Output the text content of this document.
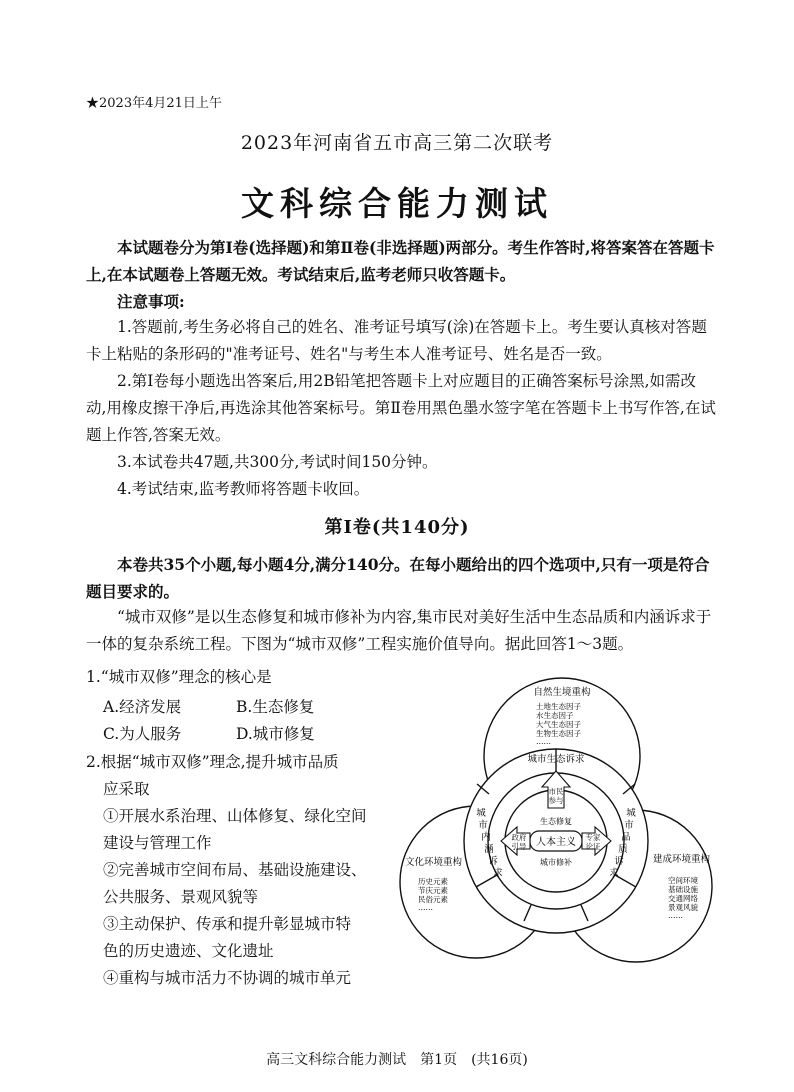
★2023年4月21日上午
2023年河南省五市高三第二次联考
文科综合能力测试
本试题卷分为第Ⅰ卷(选择题)和第Ⅱ卷(非选择题)两部分。考生作答时,将答案答在答题卡上,在本试题卷上答题无效。考试结束后,监考老师只收答题卡。
注意事项:
1.答题前,考生务必将自己的姓名、准考证号填写(涂)在答题卡上。考生要认真核对答题卡上粘贴的条形码的"准考证号、姓名"与考生本人准考证号、姓名是否一致。
2.第Ⅰ卷每小题选出答案后,用2B铅笔把答题卡上对应题目的正确答案标号涂黑,如需改动,用橡皮擦干净后,再选涂其他答案标号。第Ⅱ卷用黑色墨水签字笔在答题卡上书写作答,在试题上作答,答案无效。
3.本试卷共47题,共300分,考试时间150分钟。
4.考试结束,监考教师将答题卡收回。
第Ⅰ卷(共140分)
本卷共35个小题,每小题4分,满分140分。在每小题给出的四个选项中,只有一项是符合题目要求的。
“城市双修”是以生态修复和城市修补为内容,集市民对美好生活中生态品质和内涵诉求于一体的复杂系统工程。下图为“城市双修”工程实施价值导向。据此回答1～3题。
1.“城市双修”理念的核心是
A.经济发展	B.生态修复
C.为人服务	D.城市修复
2.根据“城市双修”理念,提升城市品质
应采取
①开展水系治理、山体修复、绿化空间
建设与管理工作
②完善城市空间布局、基础设施建设、
公共服务、景观风貌等
③主动保护、传承和提升彰显城市特
色的历史遗迹、文化遗址
④重构与城市活力不协调的城市单元
市民
参与
政府
引导
专家
论证
生态修复
人本主义
城市修补
城市生态诉求
城
市
内
涵
诉
求
城
市
品
质
诉
求
自然生境重构
土地生态因子
水生态因子
大气生态因子
生物生态因子
……
文化环境重构
历史元素
节庆元素
民俗元素
……
建成环境重构
空间环境
基础设施
交通网络
景观风貌
……
高三文科综合能力测试　第1页　(共16页)
